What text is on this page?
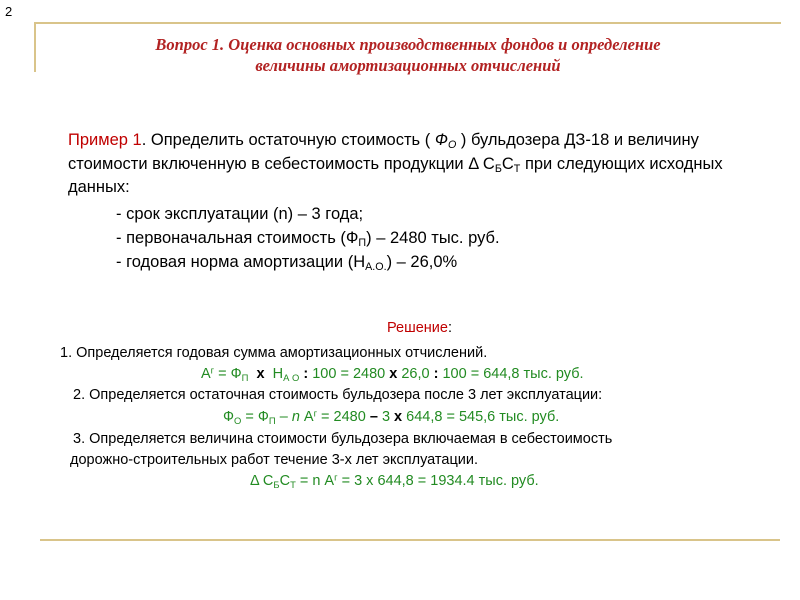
2
Вопрос 1. Оценка основных производственных фондов и определение
величины амортизационных отчислений
Пример 1. Определить остаточную стоимость ( $Ф_О$ ) бульдозера ДЗ-18 и величину стоимости включенную в себестоимость продукции Δ $С_БС_Т$ при следующих исходных данных:
- срок эксплуатации (n) – 3 года;
- первоначальная стоимость $(Ф_П) - 2480$ тыс. руб.
- годовая норма амортизации $(Н_{А.О.}) - 26,0\%$
Решение:
1. Определяется годовая сумма амортизационных отчислений.
$А^г = Ф_П$ х $Н_{А О}$ : 100 = 2480 х 26,0 : 100 = 644,8 тыс. руб.
2. Определяется остаточная стоимость бульдозера после 3 лет эксплуатации:
$Ф_О = Ф_П - n$ $А^г = 2480 - 3$ х 644,8 = 545,6 тыс. руб.
3. Определяется величина стоимости бульдозера включаемая в себестоимость
дорожно-строительных работ течение 3-х лет эксплуатации.
Δ $С_БС_Т = n$ $А^г = 3$ х 644,8 = 1934.4 тыс. руб.
